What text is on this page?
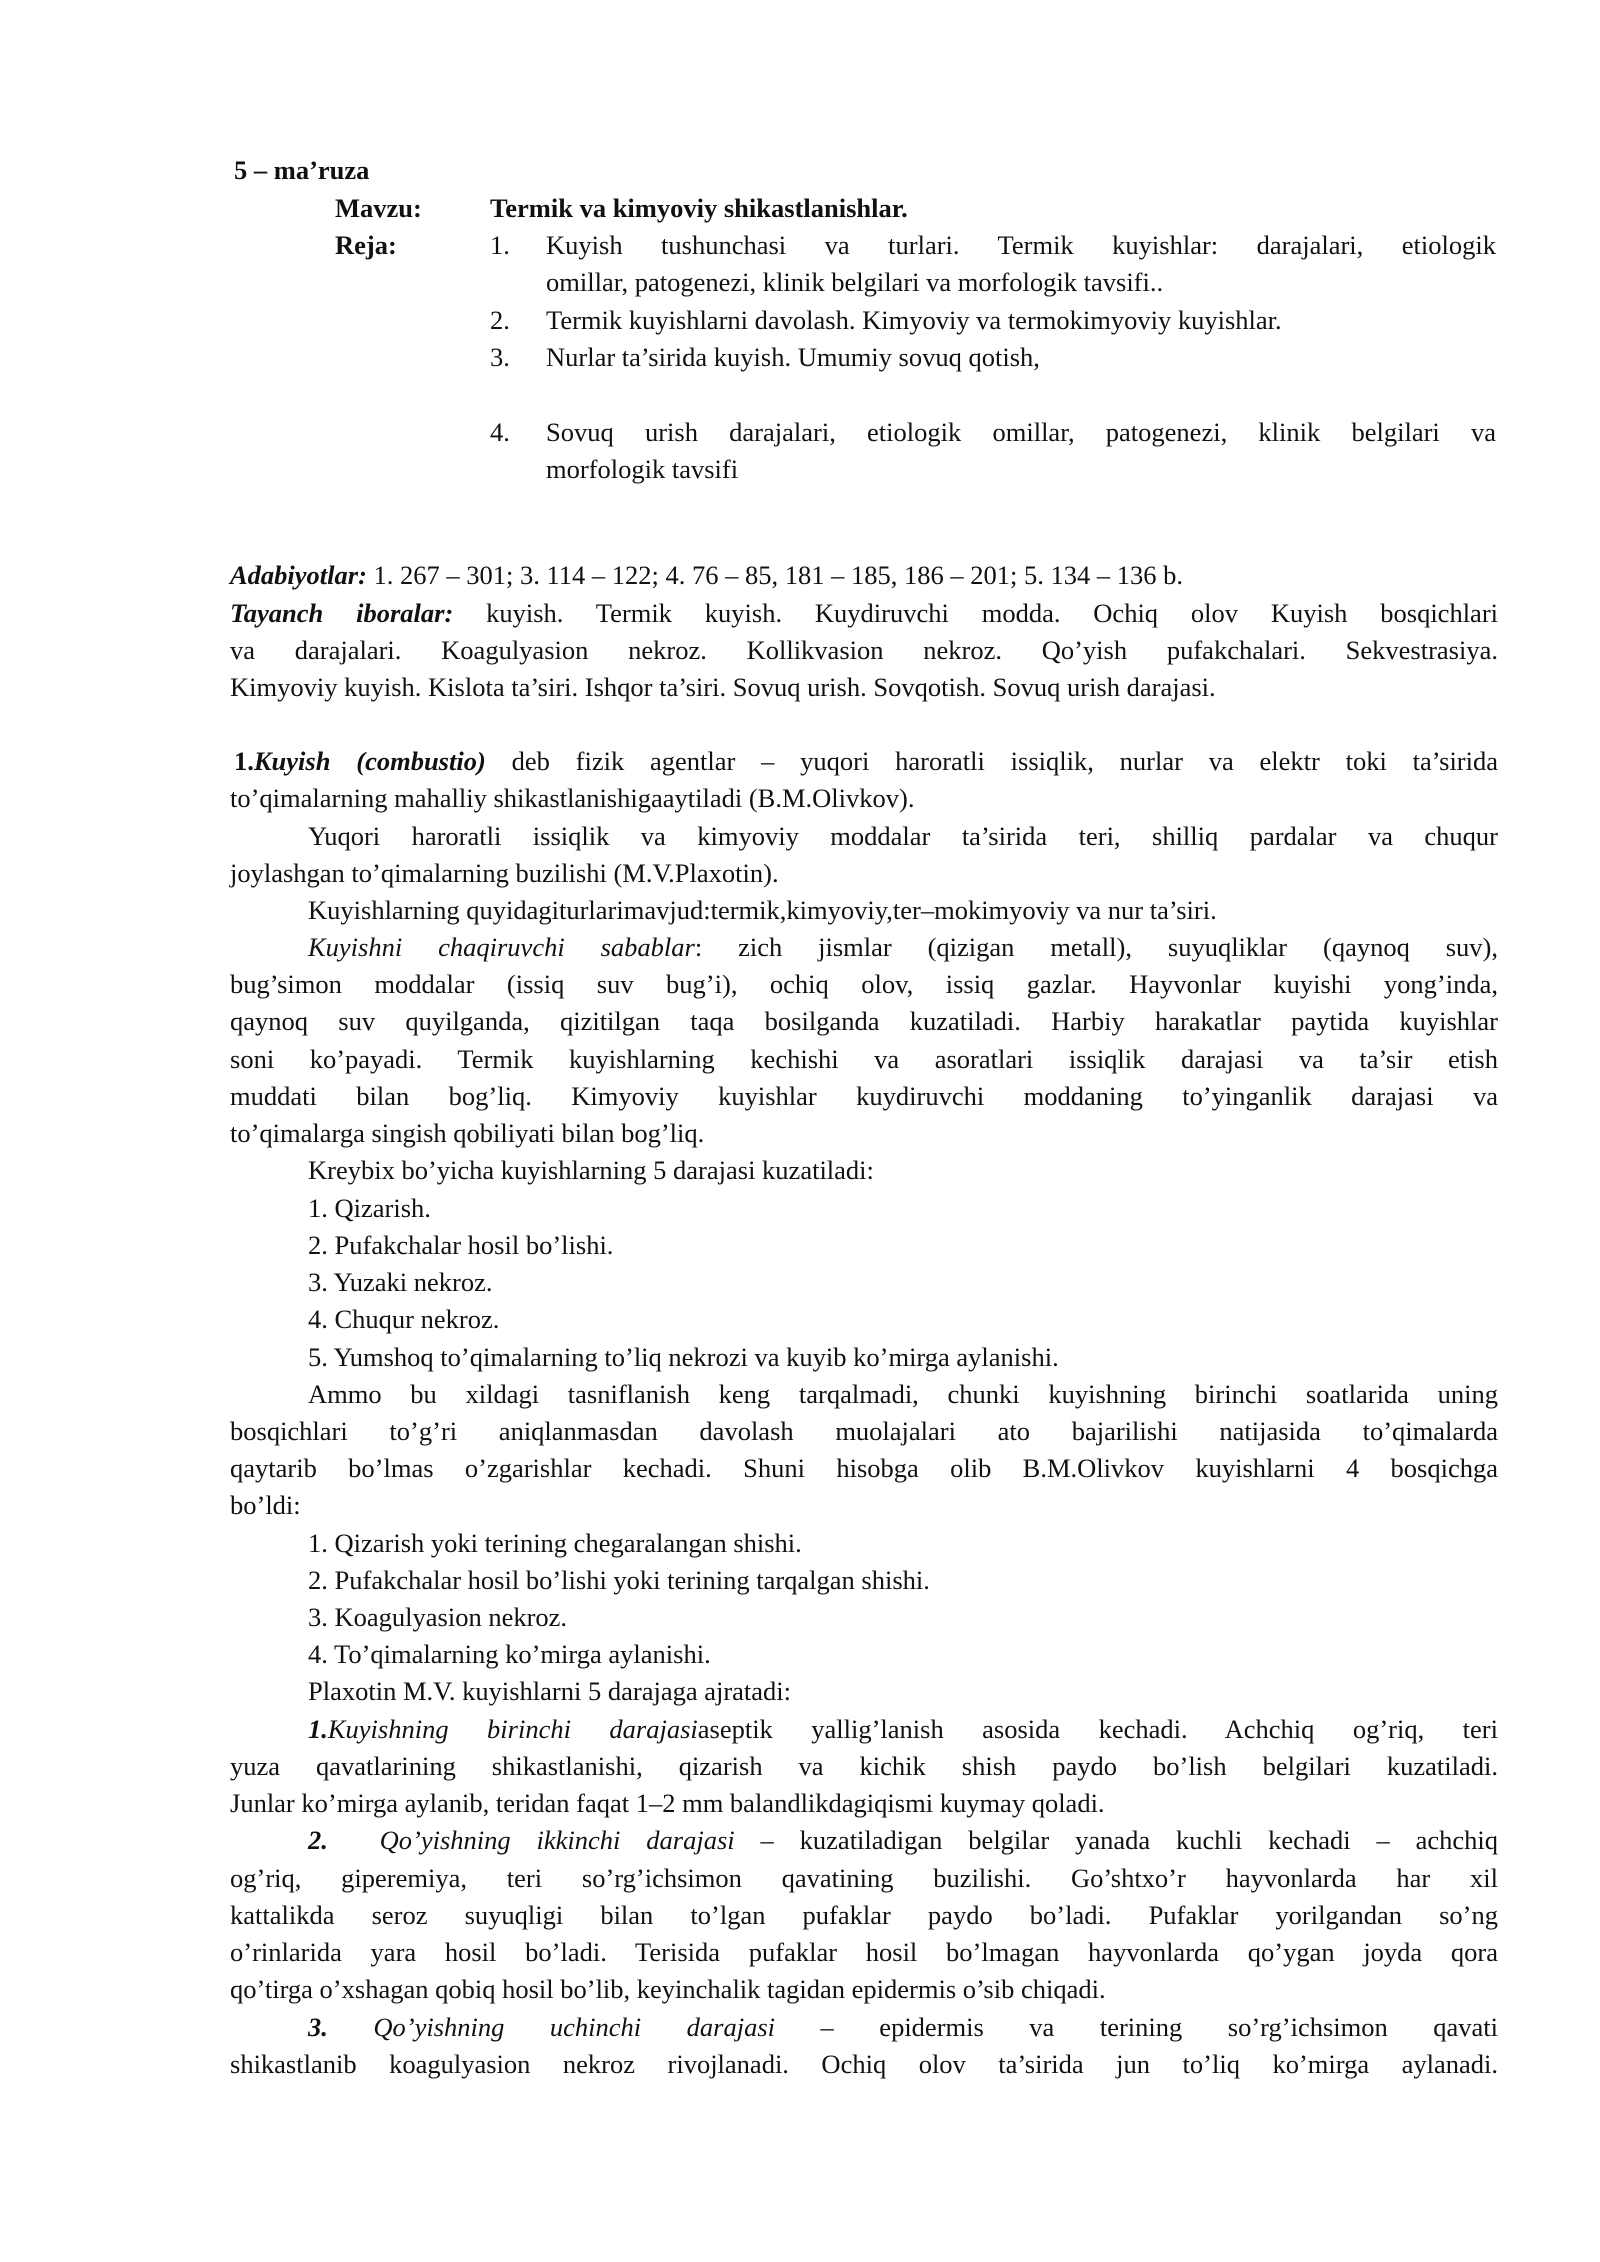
5 – ma’ruza
Mavzu:	Termik va kimyoviy shikastlanishlar.
Reja:	1. Kuyish tushunchasi va turlari. Termik kuyishlar: darajalari, etiologik
omillar, patogenezi, klinik belgilari va morfologik tavsifi..
2. Termik kuyishlarni davolash. Kimyoviy va termokimyoviy kuyishlar.
3. Nurlar ta’sirida kuyish. Umumiy sovuq qotish,
4. Sovuq urish darajalari, etiologik omillar, patogenezi, klinik belgilari va
morfologik tavsifi
Adabiyotlar: 1. 267 – 301; 3. 114 – 122; 4. 76 – 85, 181 – 185, 186 – 201; 5. 134 – 136 b.
Tayanch iboralar: kuyish. Termik kuyish. Kuydiruvchi modda. Ochiq olov Kuyish bosqichlari
va darajalari. Koagulyasion nekroz. Kollikvasion nekroz. Qo’yish pufakchalari. Sekvestrasiya.
Kimyoviy kuyish. Kislota ta’siri. Ishqor ta’siri. Sovuq urish. Sovqotish. Sovuq urish darajasi.
1.Kuyish (combustio) deb fizik agentlar – yuqori haroratli issiqlik, nurlar va elektr toki ta’sirida
to’qimalarning mahalliy shikastlanishigaaytiladi (B.M.Olivkov).
Yuqori haroratli issiqlik va kimyoviy moddalar ta’sirida teri, shilliq pardalar va chuqur
joylashgan to’qimalarning buzilishi (M.V.Plaxotin).
Kuyishlarning quyidagiturlarimavjud:termik,kimyoviy,ter–mokimyoviy va nur ta’siri.
Kuyishni chaqiruvchi sabablar: zich jismlar (qizigan metall), suyuqliklar (qaynoq suv),
bug’simon moddalar (issiq suv bug’i), ochiq olov, issiq gazlar. Hayvonlar kuyishi yong’inda,
qaynoq suv quyilganda, qizitilgan taqa bosilganda kuzatiladi. Harbiy harakatlar paytida kuyishlar
soni ko’payadi. Termik kuyishlarning kechishi va asoratlari issiqlik darajasi va ta’sir etish
muddati bilan bog’liq. Kimyoviy kuyishlar kuydiruvchi moddaning to’yinganlik darajasi va
to’qimalarga singish qobiliyati bilan bog’liq.
Kreybix bo’yicha kuyishlarning 5 darajasi kuzatiladi:
1. Qizarish.
2. Pufakchalar hosil bo’lishi.
3. Yuzaki nekroz.
4. Chuqur nekroz.
5. Yumshoq to’qimalarning to’liq nekrozi va kuyib ko’mirga aylanishi.
Ammo bu xildagi tasniflanish keng tarqalmadi, chunki kuyishning birinchi soatlarida uning
bosqichlari to’g’ri aniqlanmasdan davolash muolajalari ato bajarilishi natijasida to’qimalarda
qaytarib bo’lmas o’zgarishlar kechadi. Shuni hisobga olib B.M.Olivkov kuyishlarni 4 bosqichga
bo’ldi:
1. Qizarish yoki terining chegaralangan shishi.
2. Pufakchalar hosil bo’lishi yoki terining tarqalgan shishi.
3. Koagulyasion nekroz.
4. To’qimalarning ko’mirga aylanishi.
Plaxotin M.V. kuyishlarni 5 darajaga ajratadi:
1.Kuyishning birinchi darajasiaseptik yallig’lanish asosida kechadi. Achchiq og’riq, teri
yuza qavatlarining shikastlanishi, qizarish va kichik shish paydo bo’lish belgilari kuzatiladi.
Junlar ko’mirga aylanib, teridan faqat 1–2 mm balandlikdagiqismi kuymay qoladi.
2.  Qo’yishning ikkinchi darajasi – kuzatiladigan belgilar yanada kuchli kechadi – achchiq
og’riq, giperemiya, teri so’rg’ichsimon qavatining buzilishi. Go’shtxo’r hayvonlarda har xil
kattalikda seroz suyuqligi bilan to’lgan pufaklar paydo bo’ladi. Pufaklar yorilgandan so’ng
o’rinlarida yara hosil bo’ladi. Terisida pufaklar hosil bo’lmagan hayvonlarda qo’ygan joyda qora
qo’tirga o’xshagan qobiq hosil bo’lib, keyinchalik tagidan epidermis o’sib chiqadi.
3. Qo’yishning uchinchi darajasi – epidermis va terining so’rg’ichsimon qavati
shikastlanib koagulyasion nekroz rivojlanadi. Ochiq olov ta’sirida jun to’liq ko’mirga aylanadi.
